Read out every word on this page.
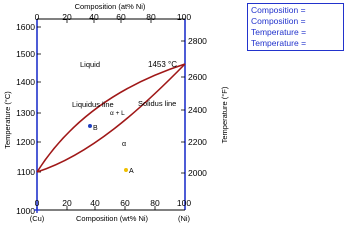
Composition (at% Ni)
0	20 40 60 80 100
1000
1100
1200
1300
1400
1500
1600
Temperature (°C)
2000
2200
2400
2600
2800
Temperature (°F)
0	20 40 60 80 100
(Cu)	(Ni)
Composition (wt% Ni)
Liquid	1453 °C
Liquidus line	Solidus line
α + L
α
B
A
Composition =
Composition =
Temperature =
Temperature =
